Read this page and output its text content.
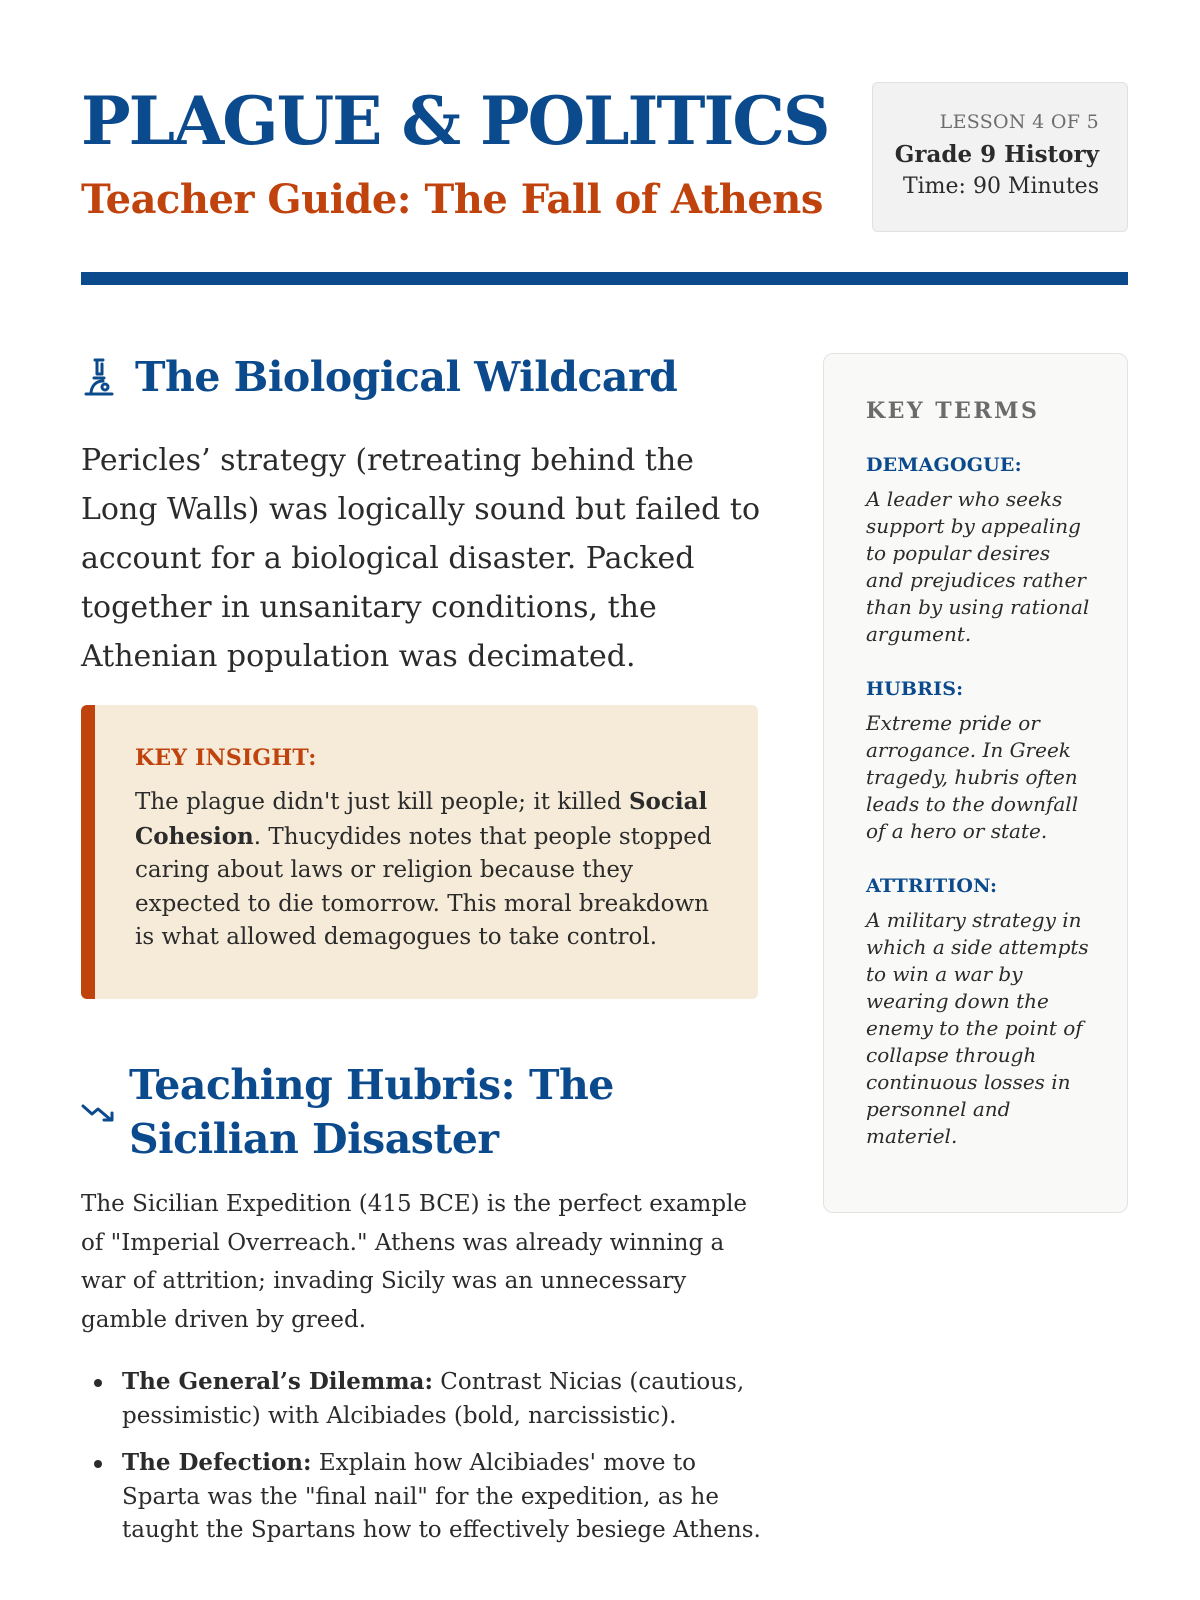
PLAGUE & POLITICS
Teacher Guide: The Fall of Athens
LESSON 4 OF 5
Grade 9 History
Time: 90 Minutes
The Biological Wildcard

Pericles’ strategy (retreating behind the Long Walls) was logically sound but failed to account for a biological disaster. Packed together in unsanitary conditions, the Athenian population was decimated.

KEY INSIGHT:

The plague didn't just kill people; it killed Social Cohesion. Thucydides notes that people stopped caring about laws or religion because they expected to die tomorrow. This moral breakdown is what allowed demagogues to take control.

Teaching Hubris: The Sicilian Disaster

The Sicilian Expedition (415 BCE) is the perfect example of "Imperial Overreach." Athens was already winning a war of attrition; invading Sicily was an unnecessary gamble driven by greed.

The General’s Dilemma: Contrast Nicias (cautious, pessimistic) with Alcibiades (bold, narcissistic).
The Defection: Explain how Alcibiades' move to Sparta was the "final nail" for the expedition, as he taught the Spartans how to effectively besiege Athens.
KEY TERMS
DEMAGOGUE:
A leader who seeks support by appealing to popular desires and prejudices rather than by using rational argument.
HUBRIS:
Extreme pride or arrogance. In Greek tragedy, hubris often leads to the downfall of a hero or state.
ATTRITION:
A military strategy in which a side attempts to win a war by wearing down the enemy to the point of collapse through continuous losses in personnel and materiel.
